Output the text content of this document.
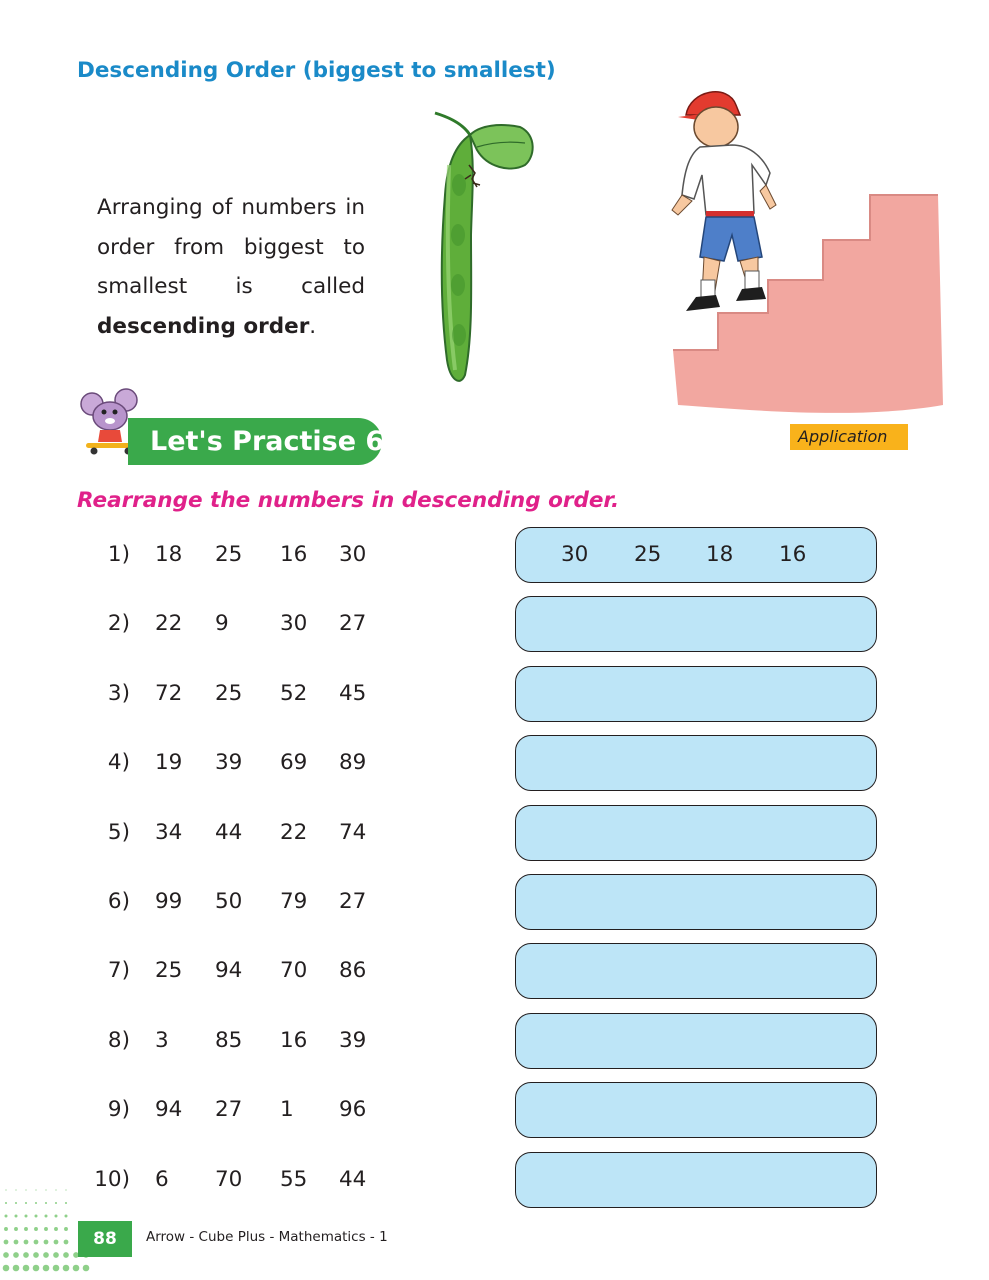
Descending Order (biggest to smallest)
Arranging of numbers in order from biggest to smallest is called descending order.
Let's Practise 6.7	Application
Rearrange the numbers in descending order.
1) 18 25 16 30	30 25 18 16
2) 22 9 30 27
3) 72 25 52 45
4) 19 39 69 89
5) 34 44 22 74
6) 99 50 79 27
7) 25 94 70 86
8) 3 85 16 39
9) 94 27 1 96
10) 6 70 55 44
88	Arrow - Cube Plus - Mathematics - 1
